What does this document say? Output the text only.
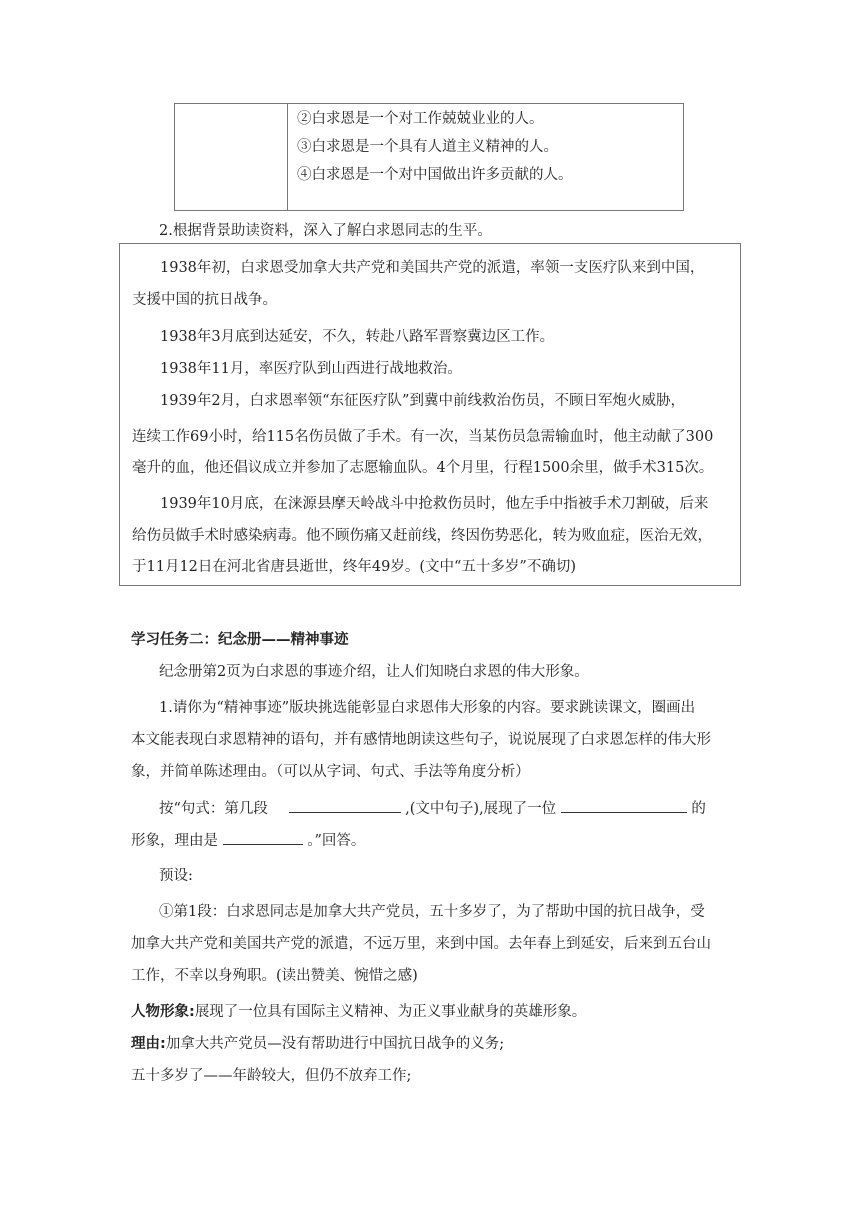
②白求恩是一个对工作兢兢业业的人。
③白求恩是一个具有人道主义精神的人。
④白求恩是一个对中国做出许多贡献的人。
2.根据背景助读资料，深入了解白求恩同志的生平。
1938年初，白求恩受加拿大共产党和美国共产党的派遣，率领一支医疗队来到中国，
支援中国的抗日战争。
1938年3月底到达延安，不久，转赴八路军晋察冀边区工作。
1938年11月，率医疗队到山西进行战地救治。
1939年2月，白求恩率领“东征医疗队”到冀中前线救治伤员，不顾日军炮火威胁，
连续工作69小时，给115名伤员做了手术。有一次，当某伤员急需输血时，他主动献了300
毫升的血，他还倡议成立并参加了志愿输血队。4个月里，行程1500余里，做手术315次。
1939年10月底，在涞源县摩天岭战斗中抢救伤员时，他左手中指被手术刀割破，后来
给伤员做手术时感染病毒。他不顾伤痛又赶前线，终因伤势恶化，转为败血症，医治无效，
于11月12日在河北省唐县逝世，终年49岁。(文中“五十多岁”不确切)
学习任务二：纪念册——精神事迹
纪念册第2页为白求恩的事迹介绍，让人们知晓白求恩的伟大形象。
1.请你为“精神事迹”版块挑选能彰显白求恩伟大形象的内容。要求跳读课文，圈画出
本文能表现白求恩精神的语句，并有感情地朗读这些句子，说说展现了白求恩怎样的伟大形
象，并简单陈述理由。（可以从字词、句式、手法等角度分析）
按“句式：第几段	,(文中句子),展现了一位	的
形象，理由是	。”回答。
预设:
①第1段：白求恩同志是加拿大共产党员，五十多岁了，为了帮助中国的抗日战争，受
加拿大共产党和美国共产党的派遣，不远万里，来到中国。去年春上到延安，后来到五台山
工作，不幸以身殉职。(读出赞美、惋惜之感)
人物形象:展现了一位具有国际主义精神、为正义事业献身的英雄形象。
理由:加拿大共产党员—没有帮助进行中国抗日战争的义务;
五十多岁了——年龄较大，但仍不放弃工作;
